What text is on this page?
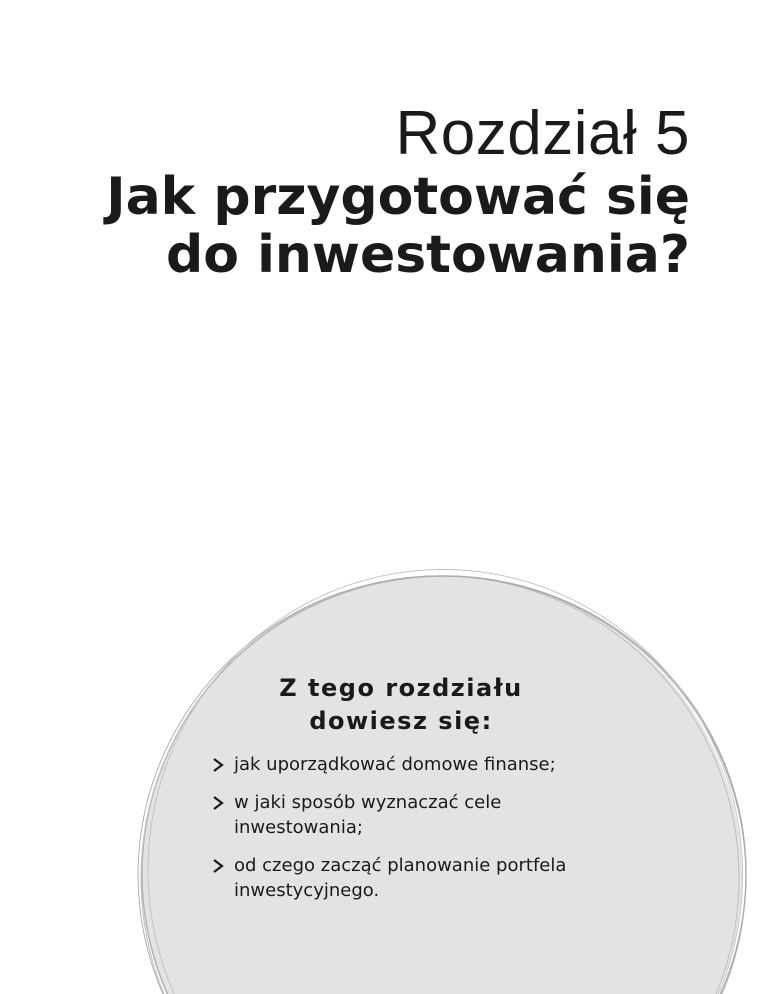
Rozdział 5
Jak przygotować się
do inwestowania?
Z tego rozdziału
dowiesz się:
jak uporządkować domowe finanse;
w jaki sposób wyznaczać cele inwestowania;
od czego zacząć planowanie portfela inwestycyjnego.
